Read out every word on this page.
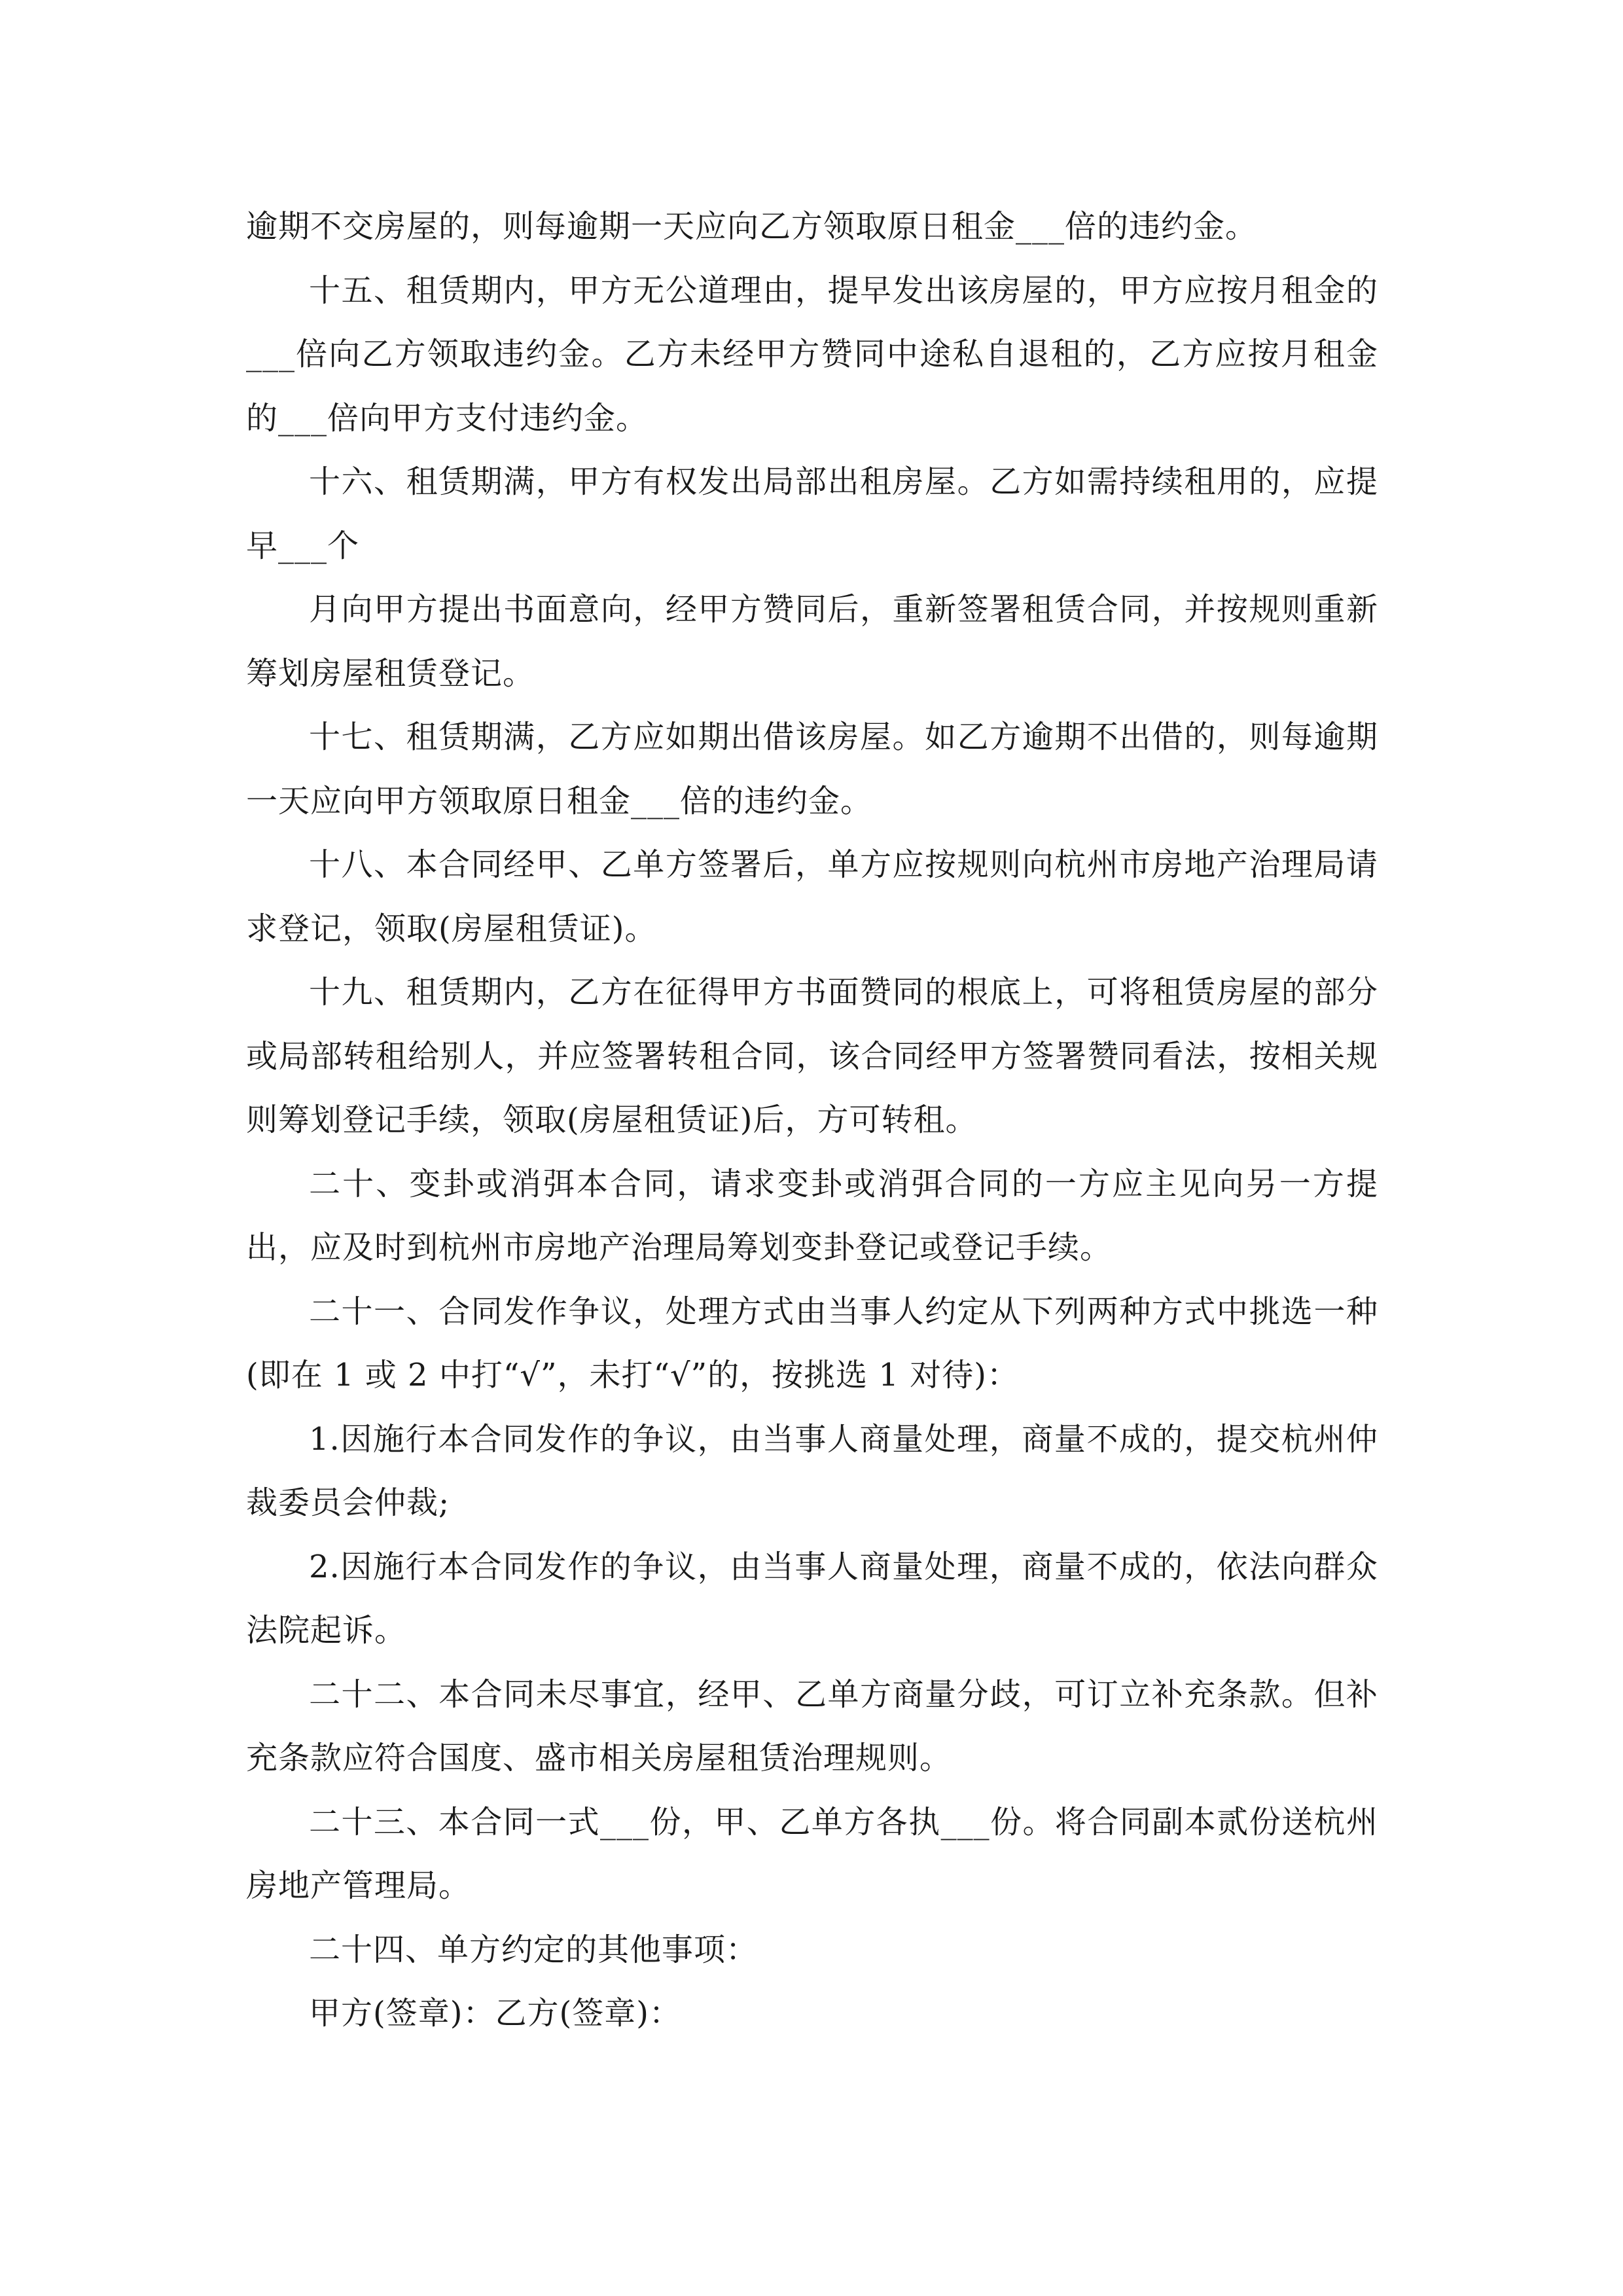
逾期不交房屋的，则每逾期一天应向乙方领取原日租金___倍的违约金。

十五、租赁期内，甲方无公道理由，提早发出该房屋的，甲方应按月租金的___倍向乙方领取违约金。乙方未经甲方赞同中途私自退租的，乙方应按月租金的___倍向甲方支付违约金。

十六、租赁期满，甲方有权发出局部出租房屋。乙方如需持续租用的，应提早___个

月向甲方提出书面意向，经甲方赞同后，重新签署租赁合同，并按规则重新筹划房屋租赁登记。

十七、租赁期满，乙方应如期出借该房屋。如乙方逾期不出借的，则每逾期一天应向甲方领取原日租金___倍的违约金。

十八、本合同经甲、乙单方签署后，单方应按规则向杭州市房地产治理局请求登记，领取(房屋租赁证)。

十九、租赁期内，乙方在征得甲方书面赞同的根底上，可将租赁房屋的部分或局部转租给别人，并应签署转租合同，该合同经甲方签署赞同看法，按相关规则筹划登记手续，领取(房屋租赁证)后，方可转租。

二十、变卦或消弭本合同，请求变卦或消弭合同的一方应主见向另一方提出，应及时到杭州市房地产治理局筹划变卦登记或登记手续。

二十一、合同发作争议，处理方式由当事人约定从下列两种方式中挑选一种(即在 1 或 2 中打“√”，未打“√”的，按挑选 1 对待)：

1.因施行本合同发作的争议，由当事人商量处理，商量不成的，提交杭州仲裁委员会仲裁;

2.因施行本合同发作的争议，由当事人商量处理，商量不成的，依法向群众法院起诉。

二十二、本合同未尽事宜，经甲、乙单方商量分歧，可订立补充条款。但补充条款应符合国度、盛市相关房屋租赁治理规则。

二十三、本合同一式___份，甲、乙单方各执___份。将合同副本贰份送杭州房地产管理局。

二十四、单方约定的其他事项：

甲方(签章)：乙方(签章)：
